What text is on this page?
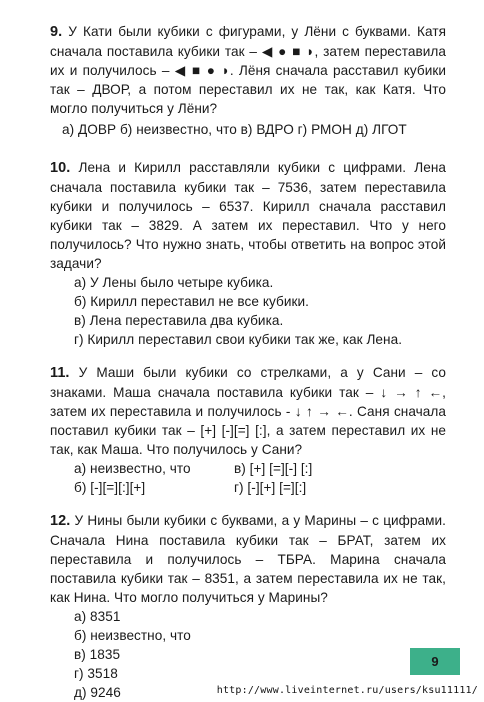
9. У Кати были кубики с фигурами, у Лёни с буквами. Катя сначала поставила кубики так – ◀ ● ■ ◗, затем переставила их и получилось – ◀ ■ ● ◗. Лёня сначала расставил кубики так – ДВОР, а потом переставил их не так, как Катя. Что могло получиться у Лёни?

а) ДОВР б) неизвестно, что в) ВДРО г) РМОН д) ЛГОТ

10. Лена и Кирилл расставляли кубики с цифрами. Лена сначала поставила кубики так – 7536, затем переставила кубики и получилось – 6537. Кирилл сначала расставил кубики так – 3829. А затем их переставил. Что у него получилось? Что нужно знать, чтобы ответить на вопрос этой задачи?

а) У Лены было четыре кубика.
б) Кирилл переставил не все кубики.
в) Лена переставила два кубика.
г) Кирилл переставил свои кубики так же, как Лена.

11. У Маши были кубики со стрелками, а у Сани – со знаками. Маша сначала поставила кубики так – ↓ → ↑ ←, затем их переставила и получилось - ↓ ↑ → ←. Саня сначала поставил кубики так – [+] [-][=] [:], а затем переставил их не так, как Маша. Что получилось у Сани?

а) неизвестно, что	в) [+] [=][-] [:]
б) [-][=][:][+]	г) [-][+] [=][:]

12. У Нины были кубики с буквами, а у Марины – с цифрами. Сначала Нина поставила кубики так – БРАТ, затем их переставила и получилось – ТБРА. Марина сначала поставила кубики так – 8351, а затем переставила их не так, как Нина. Что могло получиться у Марины?

а) 8351
б) неизвестно, что
в) 1835
г) 3518
д) 9246
9
http://www.liveinternet.ru/users/ksu11111/
